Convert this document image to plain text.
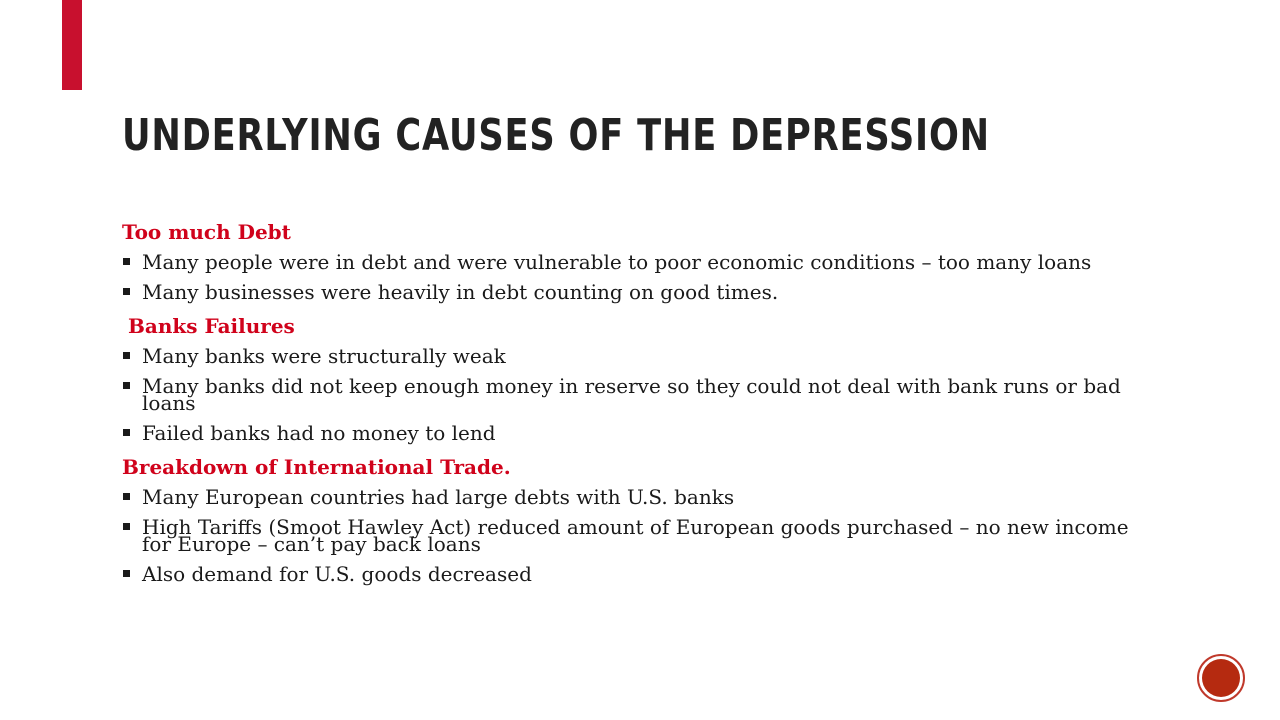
UNDERLYING CAUSES OF THE DEPRESSION
Too much Debt
Many people were in debt and were vulnerable to poor economic conditions – too many loans
Many businesses were heavily in debt counting on good times.
Banks Failures
Many banks were structurally weak
Many banks did not keep enough money in reserve so they could not deal with bank runs or bad loans
Failed banks had no money to lend
Breakdown of International Trade.
Many European countries had large debts with U.S. banks
High Tariffs (Smoot Hawley Act) reduced amount of European goods purchased – no new income for Europe – can’t pay back loans
Also demand for U.S. goods decreased
